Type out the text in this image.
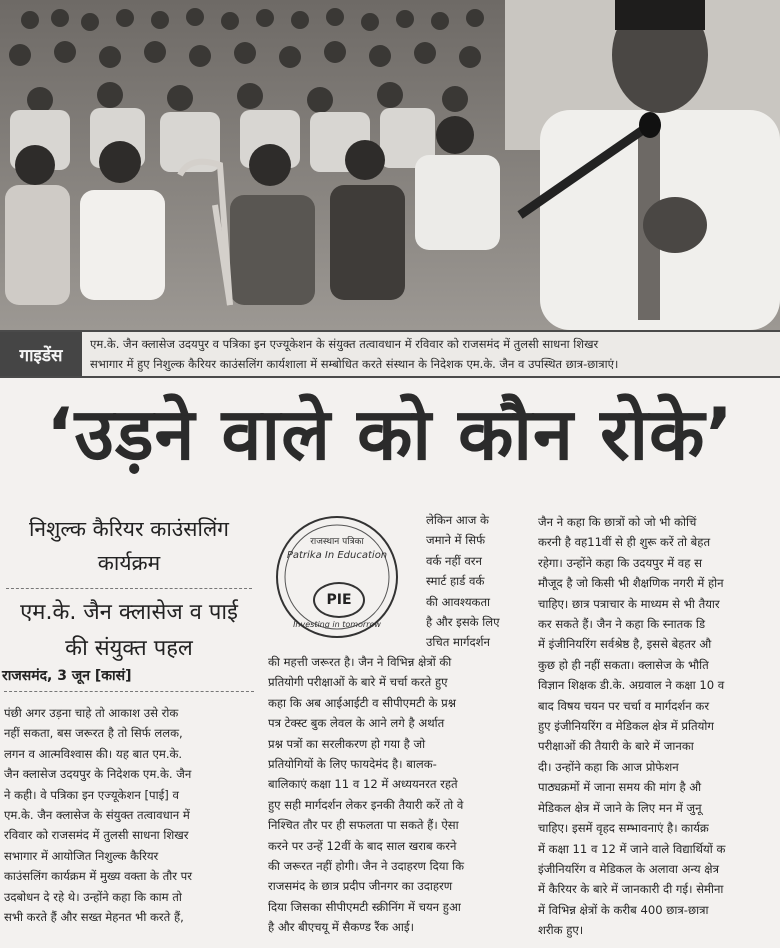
गाइडेंस
एम.के. जैन क्लासेज उदयपुर व पत्रिका इन एज्यूकेशन के संयुक्त तत्वावधान में रविवार को राजसमंद में तुलसी साधना शिखर
सभागार में हुए निशुल्क कैरियर काउंसलिंग कार्यशाला में सम्बोधित करते संस्थान के निदेशक एम.के. जैन व उपस्थित छात्र-छात्राएं।
‘उड़ने वाले को कौन रोके’
निशुल्क कैरियर काउंसलिंग
कार्यक्रम
एम.के. जैन क्लासेज व पाई
की संयुक्त पहल
राजसमंद, 3 जून [कासं]

पंछी अगर उड़ना चाहे तो आकाश उसे रोक

नहीं सकता, बस जरूरत है तो सिर्फ ललक,

लगन व आत्मविश्वास की। यह बात एम.के.

जैन क्लासेज उदयपुर के निदेशक एम.के. जैन

ने कही। वे पत्रिका इन एज्यूकेशन [पाई] व

एम.के. जैन क्लासेज के संयुक्त तत्वावधान में

रविवार को राजसमंद में तुलसी साधना शिखर

सभागार में आयोजित निशुल्क कैरियर

काउंसलिंग कार्यक्रम में मुख्य वक्ता के तौर पर

उदबोधन दे रहे थे। उन्होंने कहा कि काम तो

सभी करते हैं और सख्त मेहनत भी करते हैं,

राजस्थान पत्रिका
Patrika In Education
PIE
Investing in tomorrow

लेकिन आज के

जमाने में सिर्फ

वर्क नहीं वरन

स्मार्ट हार्ड वर्क

की आवश्यकता

है और इसके लिए

उचित मार्गदर्शन

की महत्ती जरूरत है। जैन ने विभिन्न क्षेत्रों की

प्रतियोगी परीक्षाओं के बारे में चर्चा करते हुए

कहा कि अब आईआईटी व सीपीएमटी के प्रश्न

पत्र टेक्स्ट बुक लेवल के आने लगे है अर्थात

प्रश्न पत्रों का सरलीकरण हो गया है जो

प्रतियोगियों के लिए फायदेमंद है। बालक-

बालिकाएं कक्षा 11 व 12 में अध्ययनरत रहते

हुए सही मार्गदर्शन लेकर इनकी तैयारी करें तो वे

निश्चित तौर पर ही सफलता पा सकते हैं। ऐसा

करने पर उन्हें 12वीं के बाद साल खराब करने

की जरूरत नहीं होगी। जैन ने उदाहरण दिया कि

राजसमंद के छात्र प्रदीप जीनगर का उदाहरण

दिया जिसका सीपीएमटी स्क्रीनिंग में चयन हुआ

है और बीएचयू में सैकण्ड रैंक आई।

जैन ने कहा कि छात्रों को जो भी कोचिं

करनी है वह11वीं से ही शुरू करें तो बेहत

रहेगा। उन्होंने कहा कि उदयपुर में वह स

मौजूद है जो किसी भी शैक्षणिक नगरी में होन

चाहिए। छात्र पत्राचार के माध्यम से भी तैयार

कर सकते हैं। जैन ने कहा कि स्नातक डि

में इंजीनियरिंग सर्वश्रेष्ठ है, इससे बेहतर औ

कुछ हो ही नहीं सकता। क्लासेज के भौति

विज्ञान शिक्षक डी.के. अग्रवाल ने कक्षा 10 व

बाद विषय चयन पर चर्चा व मार्गदर्शन कर

हुए इंजीनियरिंग व मेडिकल क्षेत्र में प्रतियोग

परीक्षाओं की तैयारी के बारे में जानका

दी। उन्होंने कहा कि आज प्रोफेशन

पाठ्यक्रमों में जाना समय की मांग है औ

मेडिकल क्षेत्र में जाने के लिए मन में जुनू

चाहिए। इसमें वृहद सम्भावनाएं है। कार्यक्र

में कक्षा 11 व 12 में जाने वाले विद्यार्थियों क

इंजीनियरिंग व मेडिकल के अलावा अन्य क्षेत्र

में कैरियर के बारे में जानकारी दी गई। सेमीना

में विभिन्न क्षेत्रों के करीब 400 छात्र-छात्रा

शरीक हुए।
